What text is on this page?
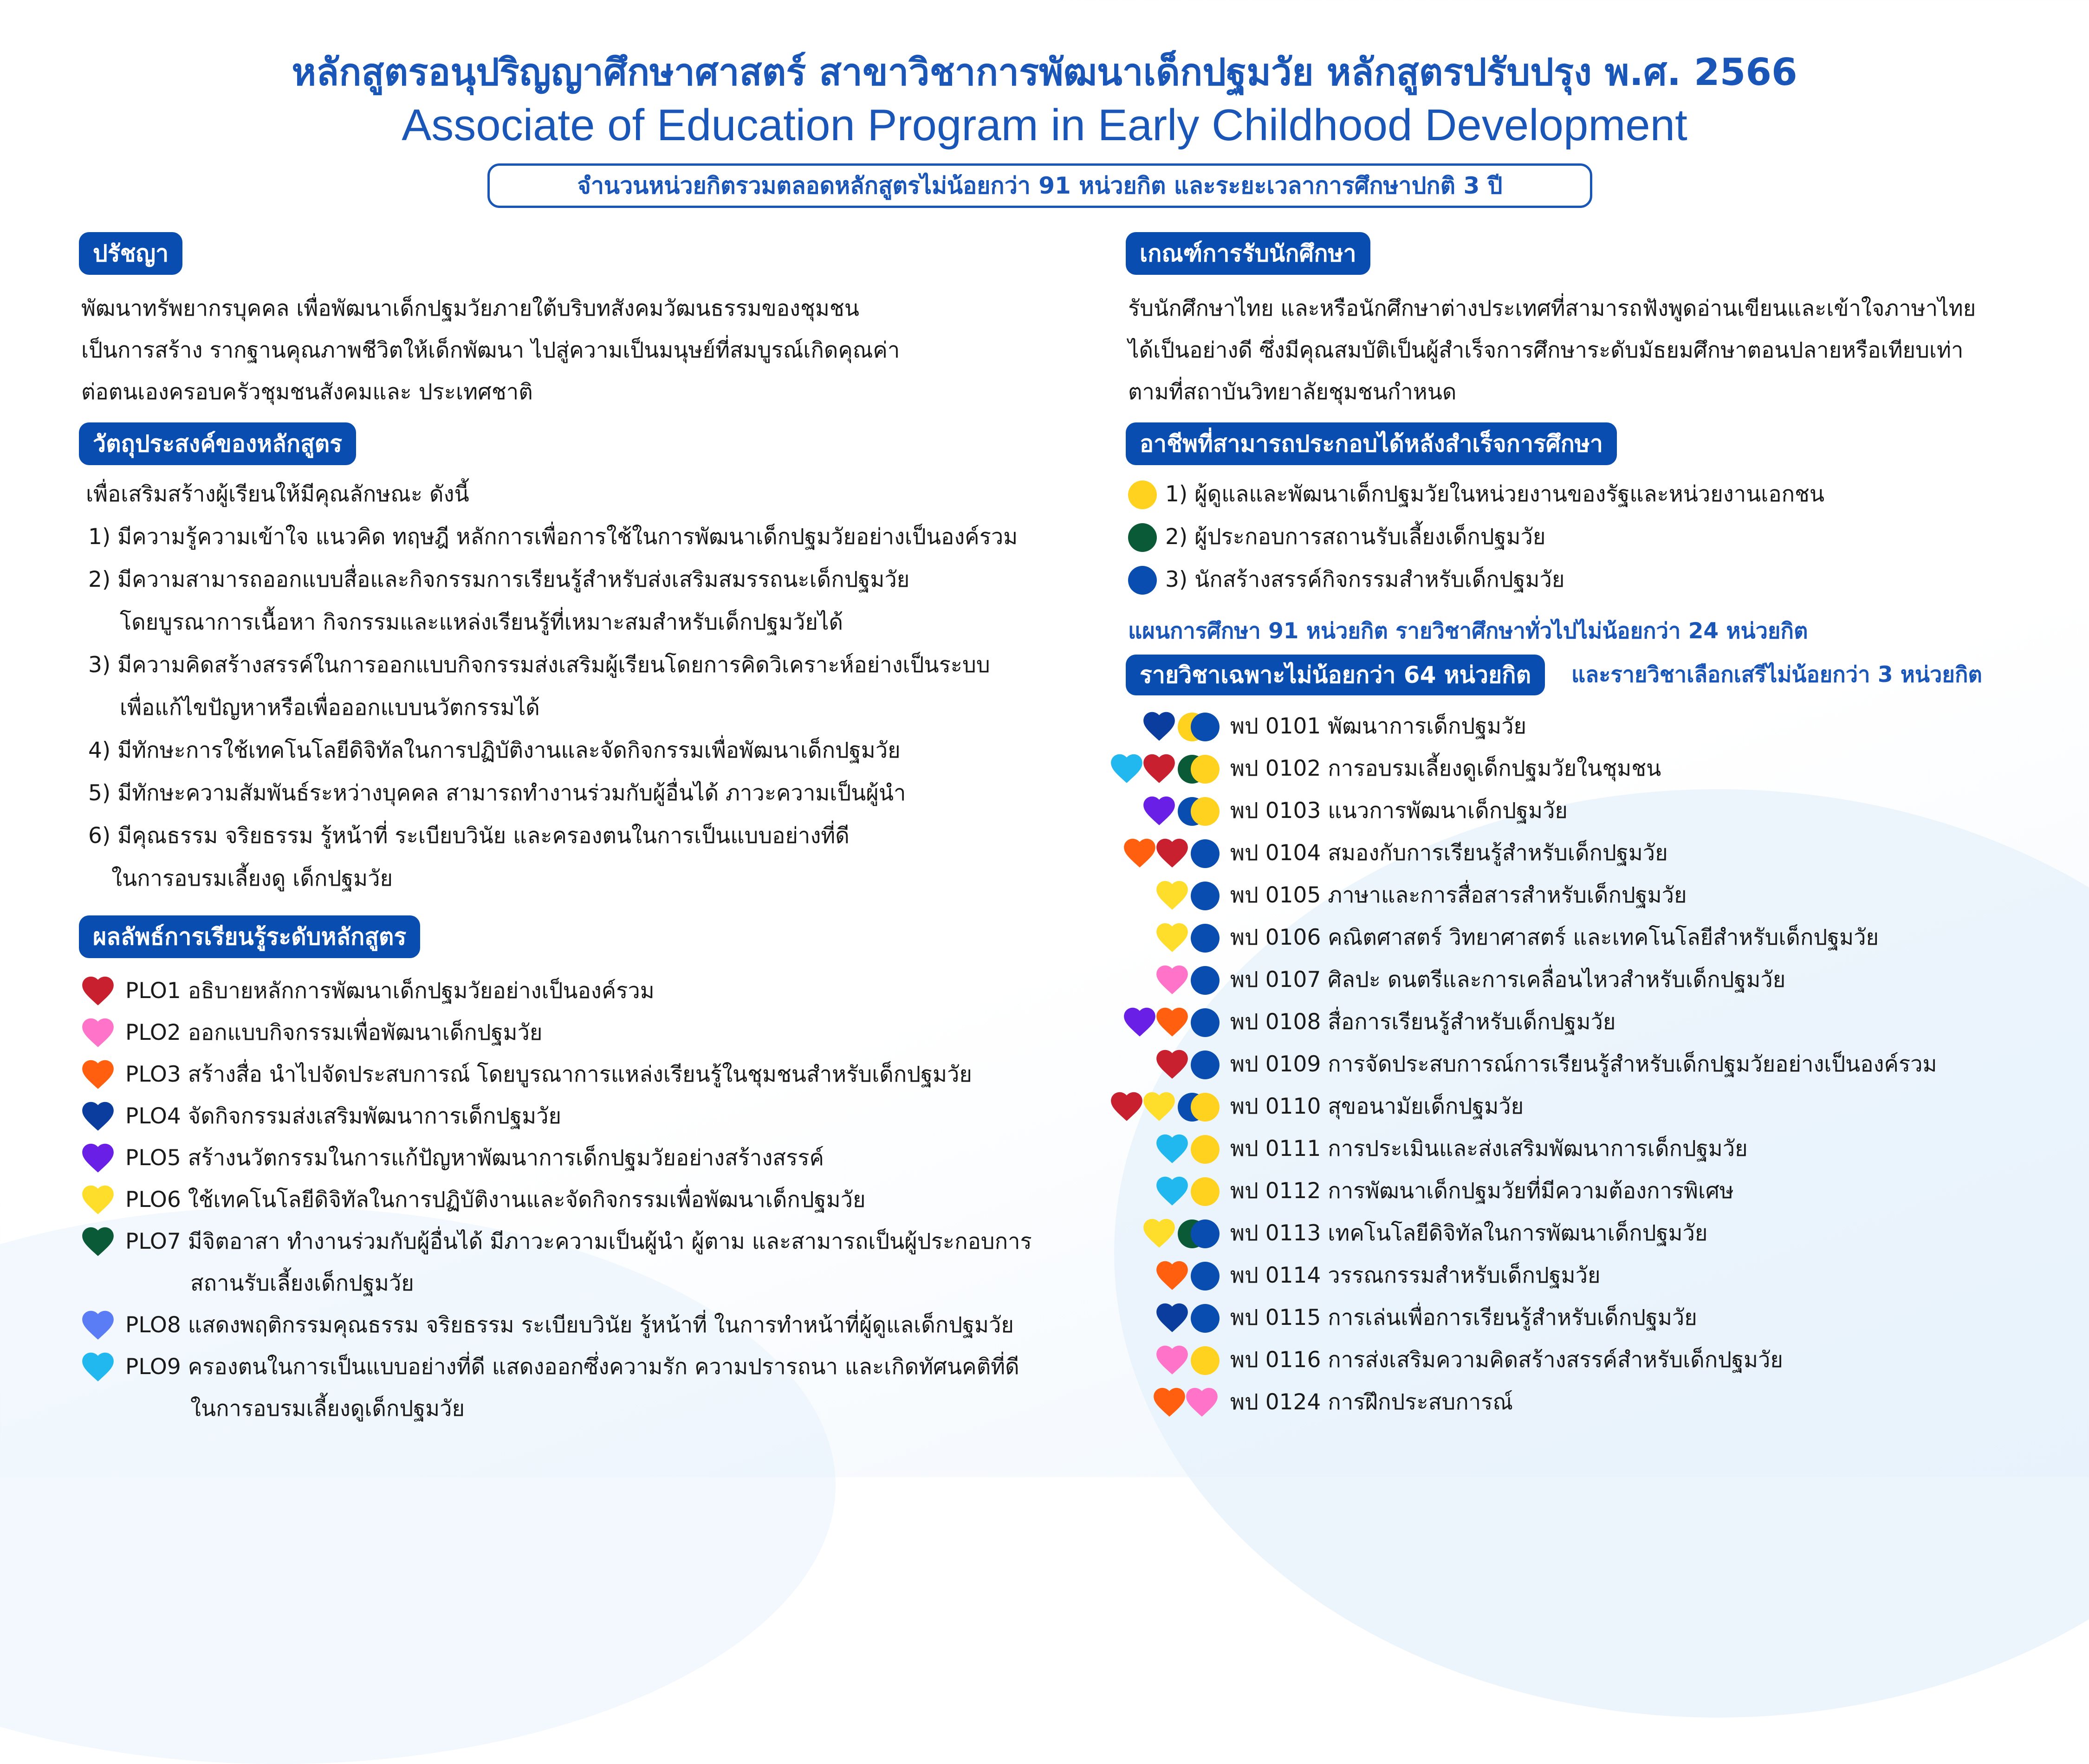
หลักสูตรอนุปริญญาศึกษาศาสตร์ สาขาวิชาการพัฒนาเด็กปฐมวัย หลักสูตรปรับปรุง พ.ศ. 2566
Associate of Education Program in Early Childhood Development
จำนวนหน่วยกิตรวมตลอดหลักสูตรไม่น้อยกว่า 91 หน่วยกิต และระยะเวลาการศึกษาปกติ 3 ปี
ปรัชญา
พัฒนาทรัพยากรบุคคล เพื่อพัฒนาเด็กปฐมวัยภายใต้บริบทสังคมวัฒนธรรมของชุมชน
เป็นการสร้าง รากฐานคุณภาพชีวิตให้เด็กพัฒนา ไปสู่ความเป็นมนุษย์ที่สมบูรณ์เกิดคุณค่า
ต่อตนเองครอบครัวชุมชนสังคมและ ประเทศชาติ
วัตถุประสงค์ของหลักสูตร
เพื่อเสริมสร้างผู้เรียนให้มีคุณลักษณะ ดังนี้
1) มีความรู้ความเข้าใจ แนวคิด ทฤษฎี หลักการเพื่อการใช้ในการพัฒนาเด็กปฐมวัยอย่างเป็นองค์รวม
2) มีความสามารถออกแบบสื่อและกิจกรรมการเรียนรู้สำหรับส่งเสริมสมรรถนะเด็กปฐมวัย
โดยบูรณาการเนื้อหา กิจกรรมและแหล่งเรียนรู้ที่เหมาะสมสำหรับเด็กปฐมวัยได้
3) มีความคิดสร้างสรรค์ในการออกแบบกิจกรรมส่งเสริมผู้เรียนโดยการคิดวิเคราะห์อย่างเป็นระบบ
เพื่อแก้ไขปัญหาหรือเพื่อออกแบบนวัตกรรมได้
4) มีทักษะการใช้เทคโนโลยีดิจิทัลในการปฏิบัติงานและจัดกิจกรรมเพื่อพัฒนาเด็กปฐมวัย
5) มีทักษะความสัมพันธ์ระหว่างบุคคล สามารถทำงานร่วมกับผู้อื่นได้ ภาวะความเป็นผู้นำ
6) มีคุณธรรม จริยธรรม รู้หน้าที่ ระเบียบวินัย และครองตนในการเป็นแบบอย่างที่ดี
ในการอบรมเลี้ยงดู เด็กปฐมวัย
ผลลัพธ์การเรียนรู้ระดับหลักสูตร
PLO1 อธิบายหลักการพัฒนาเด็กปฐมวัยอย่างเป็นองค์รวม
PLO2 ออกแบบกิจกรรมเพื่อพัฒนาเด็กปฐมวัย
PLO3 สร้างสื่อ นำไปจัดประสบการณ์ โดยบูรณาการแหล่งเรียนรู้ในชุมชนสำหรับเด็กปฐมวัย
PLO4 จัดกิจกรรมส่งเสริมพัฒนาการเด็กปฐมวัย
PLO5 สร้างนวัตกรรมในการแก้ปัญหาพัฒนาการเด็กปฐมวัยอย่างสร้างสรรค์
PLO6 ใช้เทคโนโลยีดิจิทัลในการปฏิบัติงานและจัดกิจกรรมเพื่อพัฒนาเด็กปฐมวัย
PLO7 มีจิตอาสา ทำงานร่วมกับผู้อื่นได้ มีภาวะความเป็นผู้นำ ผู้ตาม และสามารถเป็นผู้ประกอบการ
สถานรับเลี้ยงเด็กปฐมวัย
PLO8 แสดงพฤติกรรมคุณธรรม จริยธรรม ระเบียบวินัย รู้หน้าที่ ในการทำหน้าที่ผู้ดูแลเด็กปฐมวัย
PLO9 ครองตนในการเป็นแบบอย่างที่ดี แสดงออกซึ่งความรัก ความปรารถนา และเกิดทัศนคติที่ดี
ในการอบรมเลี้ยงดูเด็กปฐมวัย
เกณฑ์การรับนักศึกษา
รับนักศึกษาไทย และหรือนักศึกษาต่างประเทศที่สามารถฟังพูดอ่านเขียนและเข้าใจภาษาไทย
ได้เป็นอย่างดี ซึ่งมีคุณสมบัติเป็นผู้สำเร็จการศึกษาระดับมัธยมศึกษาตอนปลายหรือเทียบเท่า
ตามที่สถาบันวิทยาลัยชุมชนกำหนด
อาชีพที่สามารถประกอบได้หลังสำเร็จการศึกษา
1) ผู้ดูแลและพัฒนาเด็กปฐมวัยในหน่วยงานของรัฐและหน่วยงานเอกชน
2) ผู้ประกอบการสถานรับเลี้ยงเด็กปฐมวัย
3) นักสร้างสรรค์กิจกรรมสำหรับเด็กปฐมวัย
แผนการศึกษา 91 หน่วยกิต รายวิชาศึกษาทั่วไปไม่น้อยกว่า 24 หน่วยกิต
รายวิชาเฉพาะไม่น้อยกว่า 64 หน่วยกิต	และรายวิชาเลือกเสรีไม่น้อยกว่า 3 หน่วยกิต
พป 0101 พัฒนาการเด็กปฐมวัย
พป 0102 การอบรมเลี้ยงดูเด็กปฐมวัยในชุมชน
พป 0103 แนวการพัฒนาเด็กปฐมวัย
พป 0104 สมองกับการเรียนรู้สำหรับเด็กปฐมวัย
พป 0105 ภาษาและการสื่อสารสำหรับเด็กปฐมวัย
พป 0106 คณิตศาสตร์ วิทยาศาสตร์ และเทคโนโลยีสำหรับเด็กปฐมวัย
พป 0107 ศิลปะ ดนตรีและการเคลื่อนไหวสำหรับเด็กปฐมวัย
พป 0108 สื่อการเรียนรู้สำหรับเด็กปฐมวัย
พป 0109 การจัดประสบการณ์การเรียนรู้สำหรับเด็กปฐมวัยอย่างเป็นองค์รวม
พป 0110 สุขอนามัยเด็กปฐมวัย
พป 0111 การประเมินและส่งเสริมพัฒนาการเด็กปฐมวัย
พป 0112 การพัฒนาเด็กปฐมวัยที่มีความต้องการพิเศษ
พป 0113 เทคโนโลยีดิจิทัลในการพัฒนาเด็กปฐมวัย
พป 0114 วรรณกรรมสำหรับเด็กปฐมวัย
พป 0115 การเล่นเพื่อการเรียนรู้สำหรับเด็กปฐมวัย
พป 0116 การส่งเสริมความคิดสร้างสรรค์สำหรับเด็กปฐมวัย
พป 0124 การฝึกประสบการณ์
